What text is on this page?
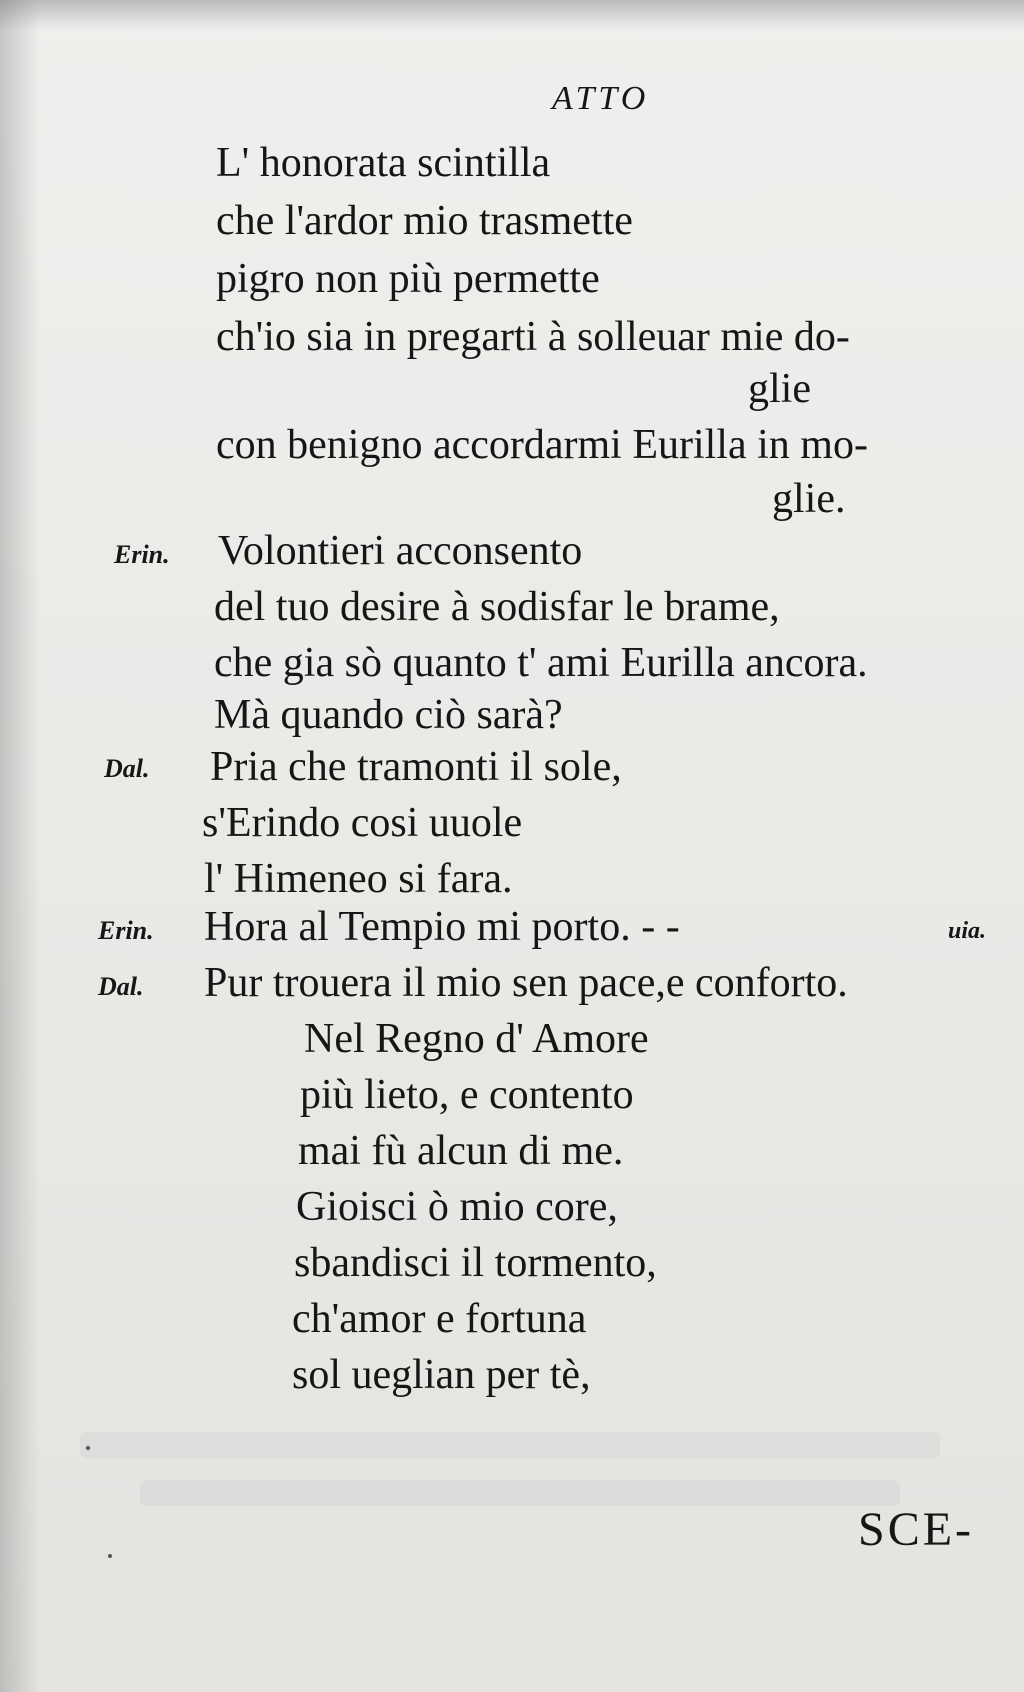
ATTO
L' honorata scintilla
che l'ardor mio trasmette
pigro non più permette
ch'io sia in pregarti à solleuar mie do-
glie
con benigno accordarmi Eurilla in mo-
glie.
Erin. Volontieri acconsento
del tuo desire à sodisfar le brame,
che gia sò quanto t' ami Eurilla ancora.
Mà quando ciò sarà?
Dal. Pria che tramonti il sole,
s'Erindo cosi uuole
l' Himeneo si fara.
Erin. Hora al Tempio mi porto. - -	uia.
Dal. Pur trouera il mio sen pace,e conforto.
Nel Regno d' Amore
più lieto, e contento
mai fù alcun di me.
Gioisci ò mio core,
sbandisci il tormento,
ch'amor e fortuna
sol ueglian per tè,
SCE-
